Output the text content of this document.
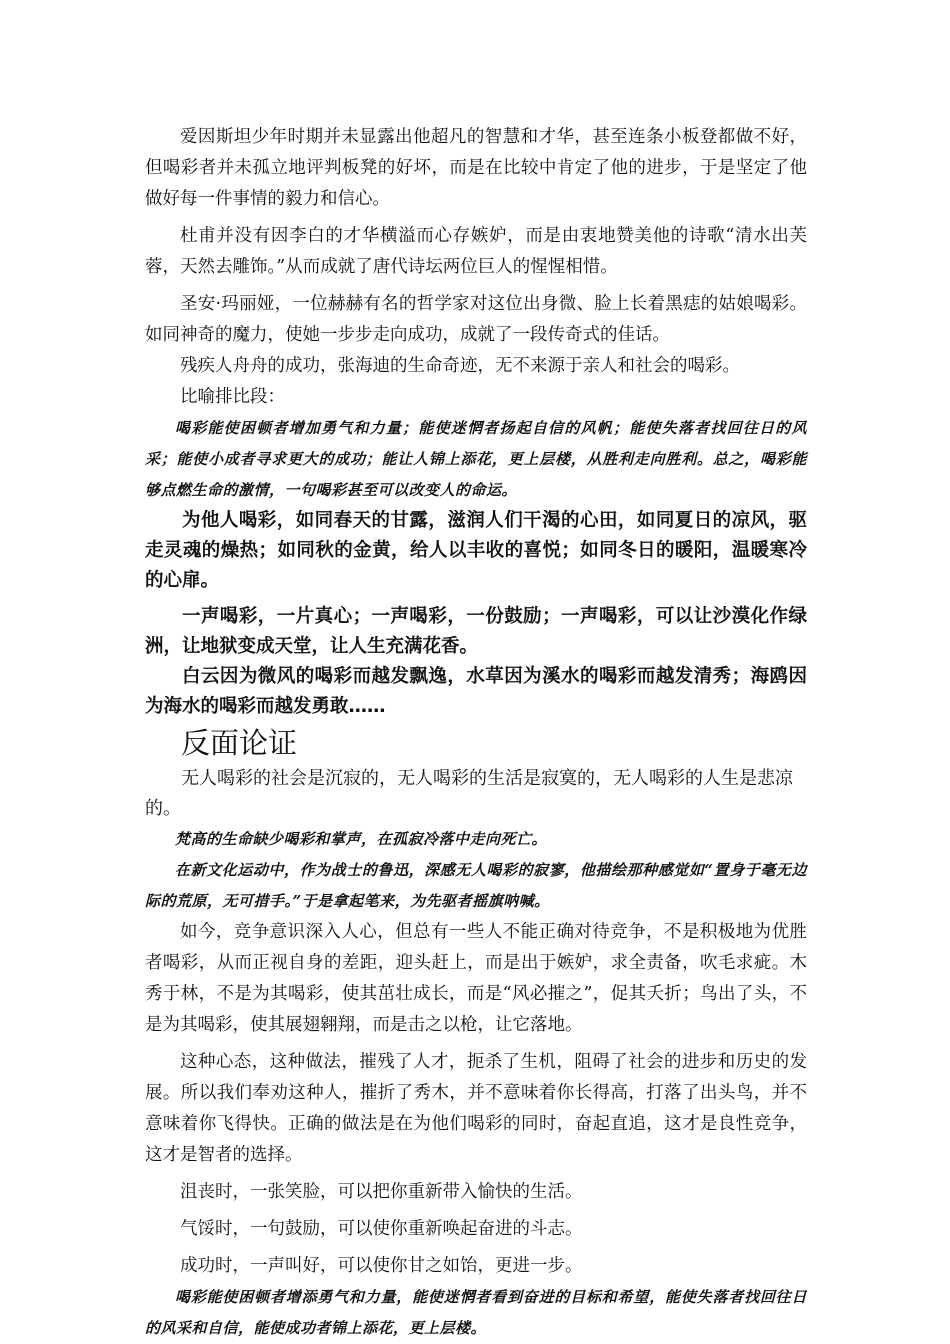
爱因斯坦少年时期并未显露出他超凡的智慧和才华，甚至连条小板登都做不好，但喝彩者并未孤立地评判板凳的好坏，而是在比较中肯定了他的进步，于是坚定了他做好每一件事情的毅力和信心。

杜甫并没有因李白的才华横溢而心存嫉妒，而是由衷地赞美他的诗歌“清水出芙蓉，天然去雕饰。”从而成就了唐代诗坛两位巨人的惺惺相惜。

圣安·玛丽娅，一位赫赫有名的哲学家对这位出身微、脸上长着黑痣的姑娘喝彩。如同神奇的魔力，使她一步步走向成功，成就了一段传奇式的佳话。

残疾人舟舟的成功，张海迪的生命奇迹，无不来源于亲人和社会的喝彩。

比喻排比段：

喝彩能使困顿者增加勇气和力量；能使迷惘者扬起自信的风帆；能使失落者找回往日的风采；能使小成者寻求更大的成功；能让人锦上添花，更上层楼，从胜利走向胜利。总之，喝彩能够点燃生命的激情，一句喝彩甚至可以改变人的命运。

为他人喝彩，如同春天的甘露，滋润人们干渴的心田，如同夏日的凉风，驱走灵魂的燥热；如同秋的金黄，给人以丰收的喜悦；如同冬日的暖阳，温暖寒冷的心扉。

一声喝彩，一片真心；一声喝彩，一份鼓励；一声喝彩，可以让沙漠化作绿洲，让地狱变成天堂，让人生充满花香。

白云因为微风的喝彩而越发飘逸，水草因为溪水的喝彩而越发清秀；海鸥因为海水的喝彩而越发勇敢……

反面论证

无人喝彩的社会是沉寂的，无人喝彩的生活是寂寞的，无人喝彩的人生是悲凉的。

梵高的生命缺少喝彩和掌声，在孤寂冷落中走向死亡。

在新文化运动中，作为战士的鲁迅，深感无人喝彩的寂寥，他描绘那种感觉如“置身于毫无边际的荒原，无可措手。”于是拿起笔来，为先驱者摇旗呐喊。

如今，竞争意识深入人心，但总有一些人不能正确对待竞争，不是积极地为优胜者喝彩，从而正视自身的差距，迎头赶上，而是出于嫉妒，求全责备，吹毛求疵。木秀于林，不是为其喝彩，使其茁壮成长，而是“风必摧之”，促其夭折；鸟出了头，不是为其喝彩，使其展翅翱翔，而是击之以枪，让它落地。

这种心态，这种做法，摧残了人才，扼杀了生机，阻碍了社会的进步和历史的发展。所以我们奉劝这种人，摧折了秀木，并不意味着你长得高，打落了出头鸟，并不意味着你飞得快。正确的做法是在为他们喝彩的同时，奋起直追，这才是良性竞争，这才是智者的选择。

沮丧时，一张笑脸，可以把你重新带入愉快的生活。

气馁时，一句鼓励，可以使你重新唤起奋进的斗志。

成功时，一声叫好，可以使你甘之如饴，更进一步。

喝彩能使困顿者增添勇气和力量，能使迷惘者看到奋进的目标和希望，能使失落者找回往日的风采和自信，能使成功者锦上添花，更上层楼。
